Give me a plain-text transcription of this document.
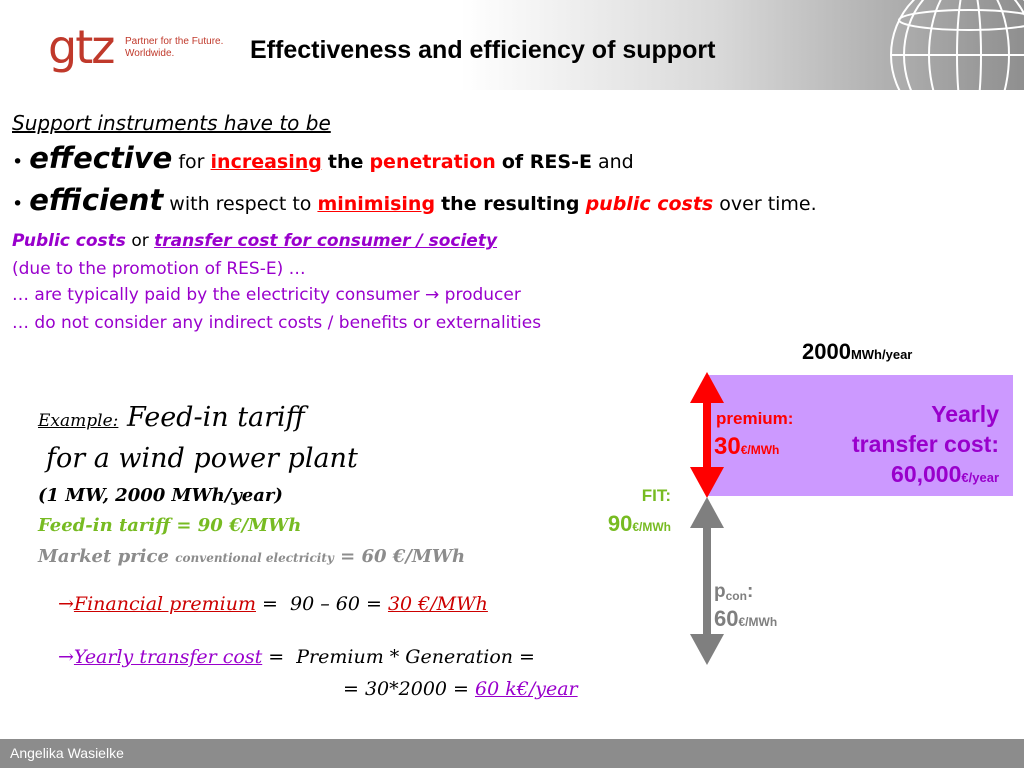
gtz Partner for the Future.
Worldwide.	Effectiveness and efficiency of support
Support instruments have to be
• effective for increasing the penetration of RES-E and
• efficient with respect to minimising the resulting public costs over time.
Public costs or transfer cost for consumer / society
(due to the promotion of RES-E) …
… are typically paid by the electricity consumer → producer
… do not consider any indirect costs / benefits or externalities
Example: Feed-in tariff
for a wind power plant
(1 MW, 2000 MWh/year)
Feed-in tariff = 90 €/MWh
Market price conventional electricity = 60 €/MWh
→Financial premium =  90 – 60 = 30 €/MWh
→Yearly transfer cost =  Premium * Generation =
= 30*2000 = 60 k€/year
2000MWh/year
premium:
30€/MWh
Yearly
transfer cost:
60,000€/year
FIT:
90€/MWh
$p_{con}$:
60€/MWh
Angelika Wasielke
